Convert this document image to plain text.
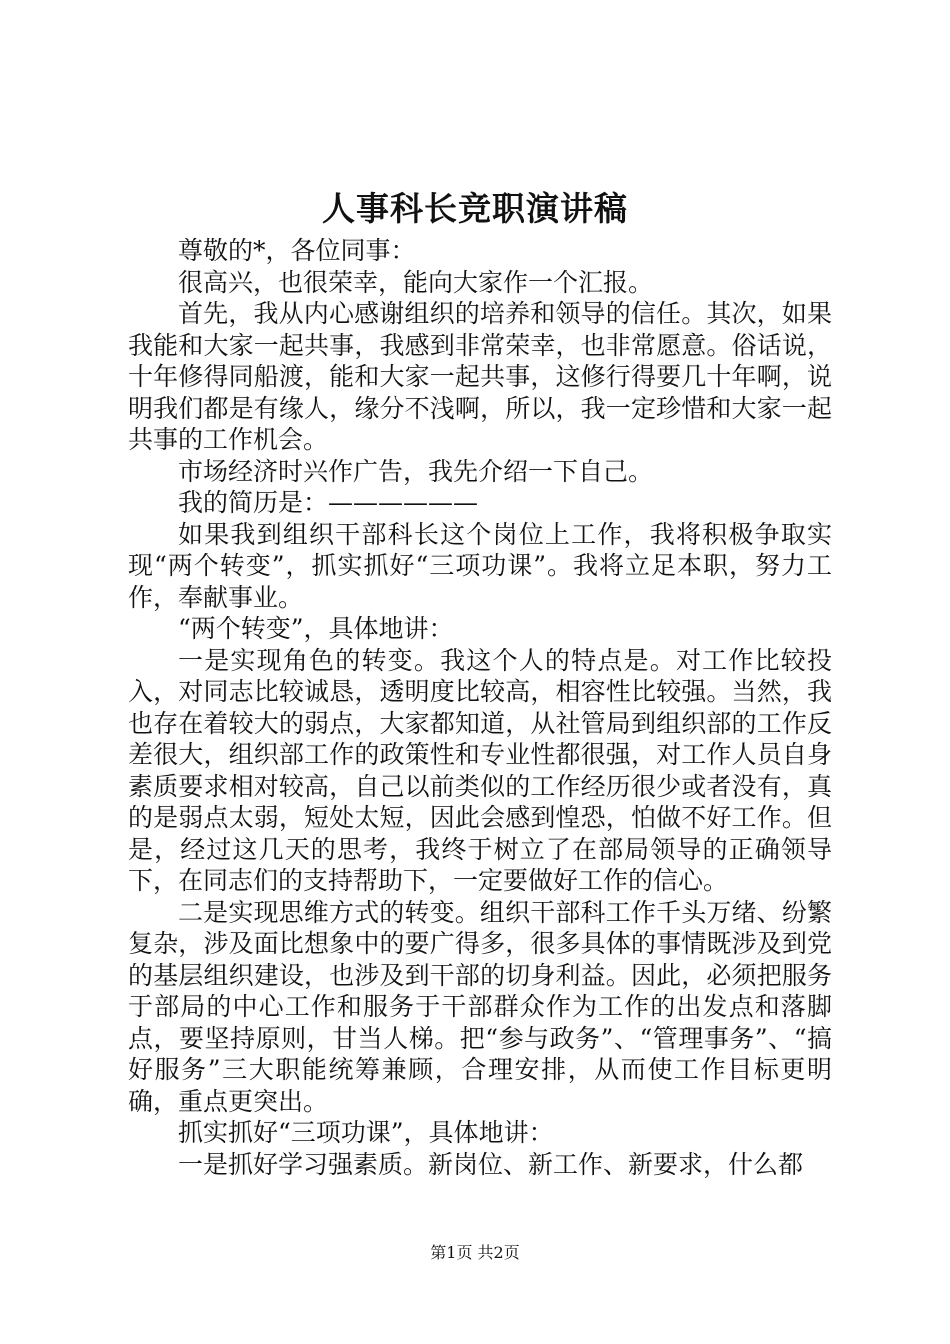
人事科长竞职演讲稿

尊敬的*，各位同事：

很高兴，也很荣幸，能向大家作一个汇报。

首先，我从内心感谢组织的培养和领导的信任。其次，如果我能和大家一起共事，我感到非常荣幸，也非常愿意。俗话说，十年修得同船渡，能和大家一起共事，这修行得要几十年啊，说明我们都是有缘人，缘分不浅啊，所以，我一定珍惜和大家一起共事的工作机会。

市场经济时兴作广告，我先介绍一下自己。

我的简历是：——————

如果我到组织干部科长这个岗位上工作，我将积极争取实现“两个转变”，抓实抓好“三项功课”。我将立足本职，努力工作，奉献事业。

“两个转变”，具体地讲：

一是实现角色的转变。我这个人的特点是。对工作比较投入，对同志比较诚恳，透明度比较高，相容性比较强。当然，我也存在着较大的弱点，大家都知道，从社管局到组织部的工作反差很大，组织部工作的政策性和专业性都很强，对工作人员自身素质要求相对较高，自己以前类似的工作经历很少或者没有，真的是弱点太弱，短处太短，因此会感到惶恐，怕做不好工作。但是，经过这几天的思考，我终于树立了在部局领导的正确领导下，在同志们的支持帮助下，一定要做好工作的信心。

二是实现思维方式的转变。组织干部科工作千头万绪、纷繁复杂，涉及面比想象中的要广得多，很多具体的事情既涉及到党的基层组织建设，也涉及到干部的切身利益。因此，必须把服务于部局的中心工作和服务于干部群众作为工作的出发点和落脚点，要坚持原则，甘当人梯。把“参与政务”、“管理事务”、“搞好服务”三大职能统筹兼顾，合理安排，从而使工作目标更明确，重点更突出。

抓实抓好“三项功课”，具体地讲：

一是抓好学习强素质。新岗位、新工作、新要求，什么都

第1页 共2页
